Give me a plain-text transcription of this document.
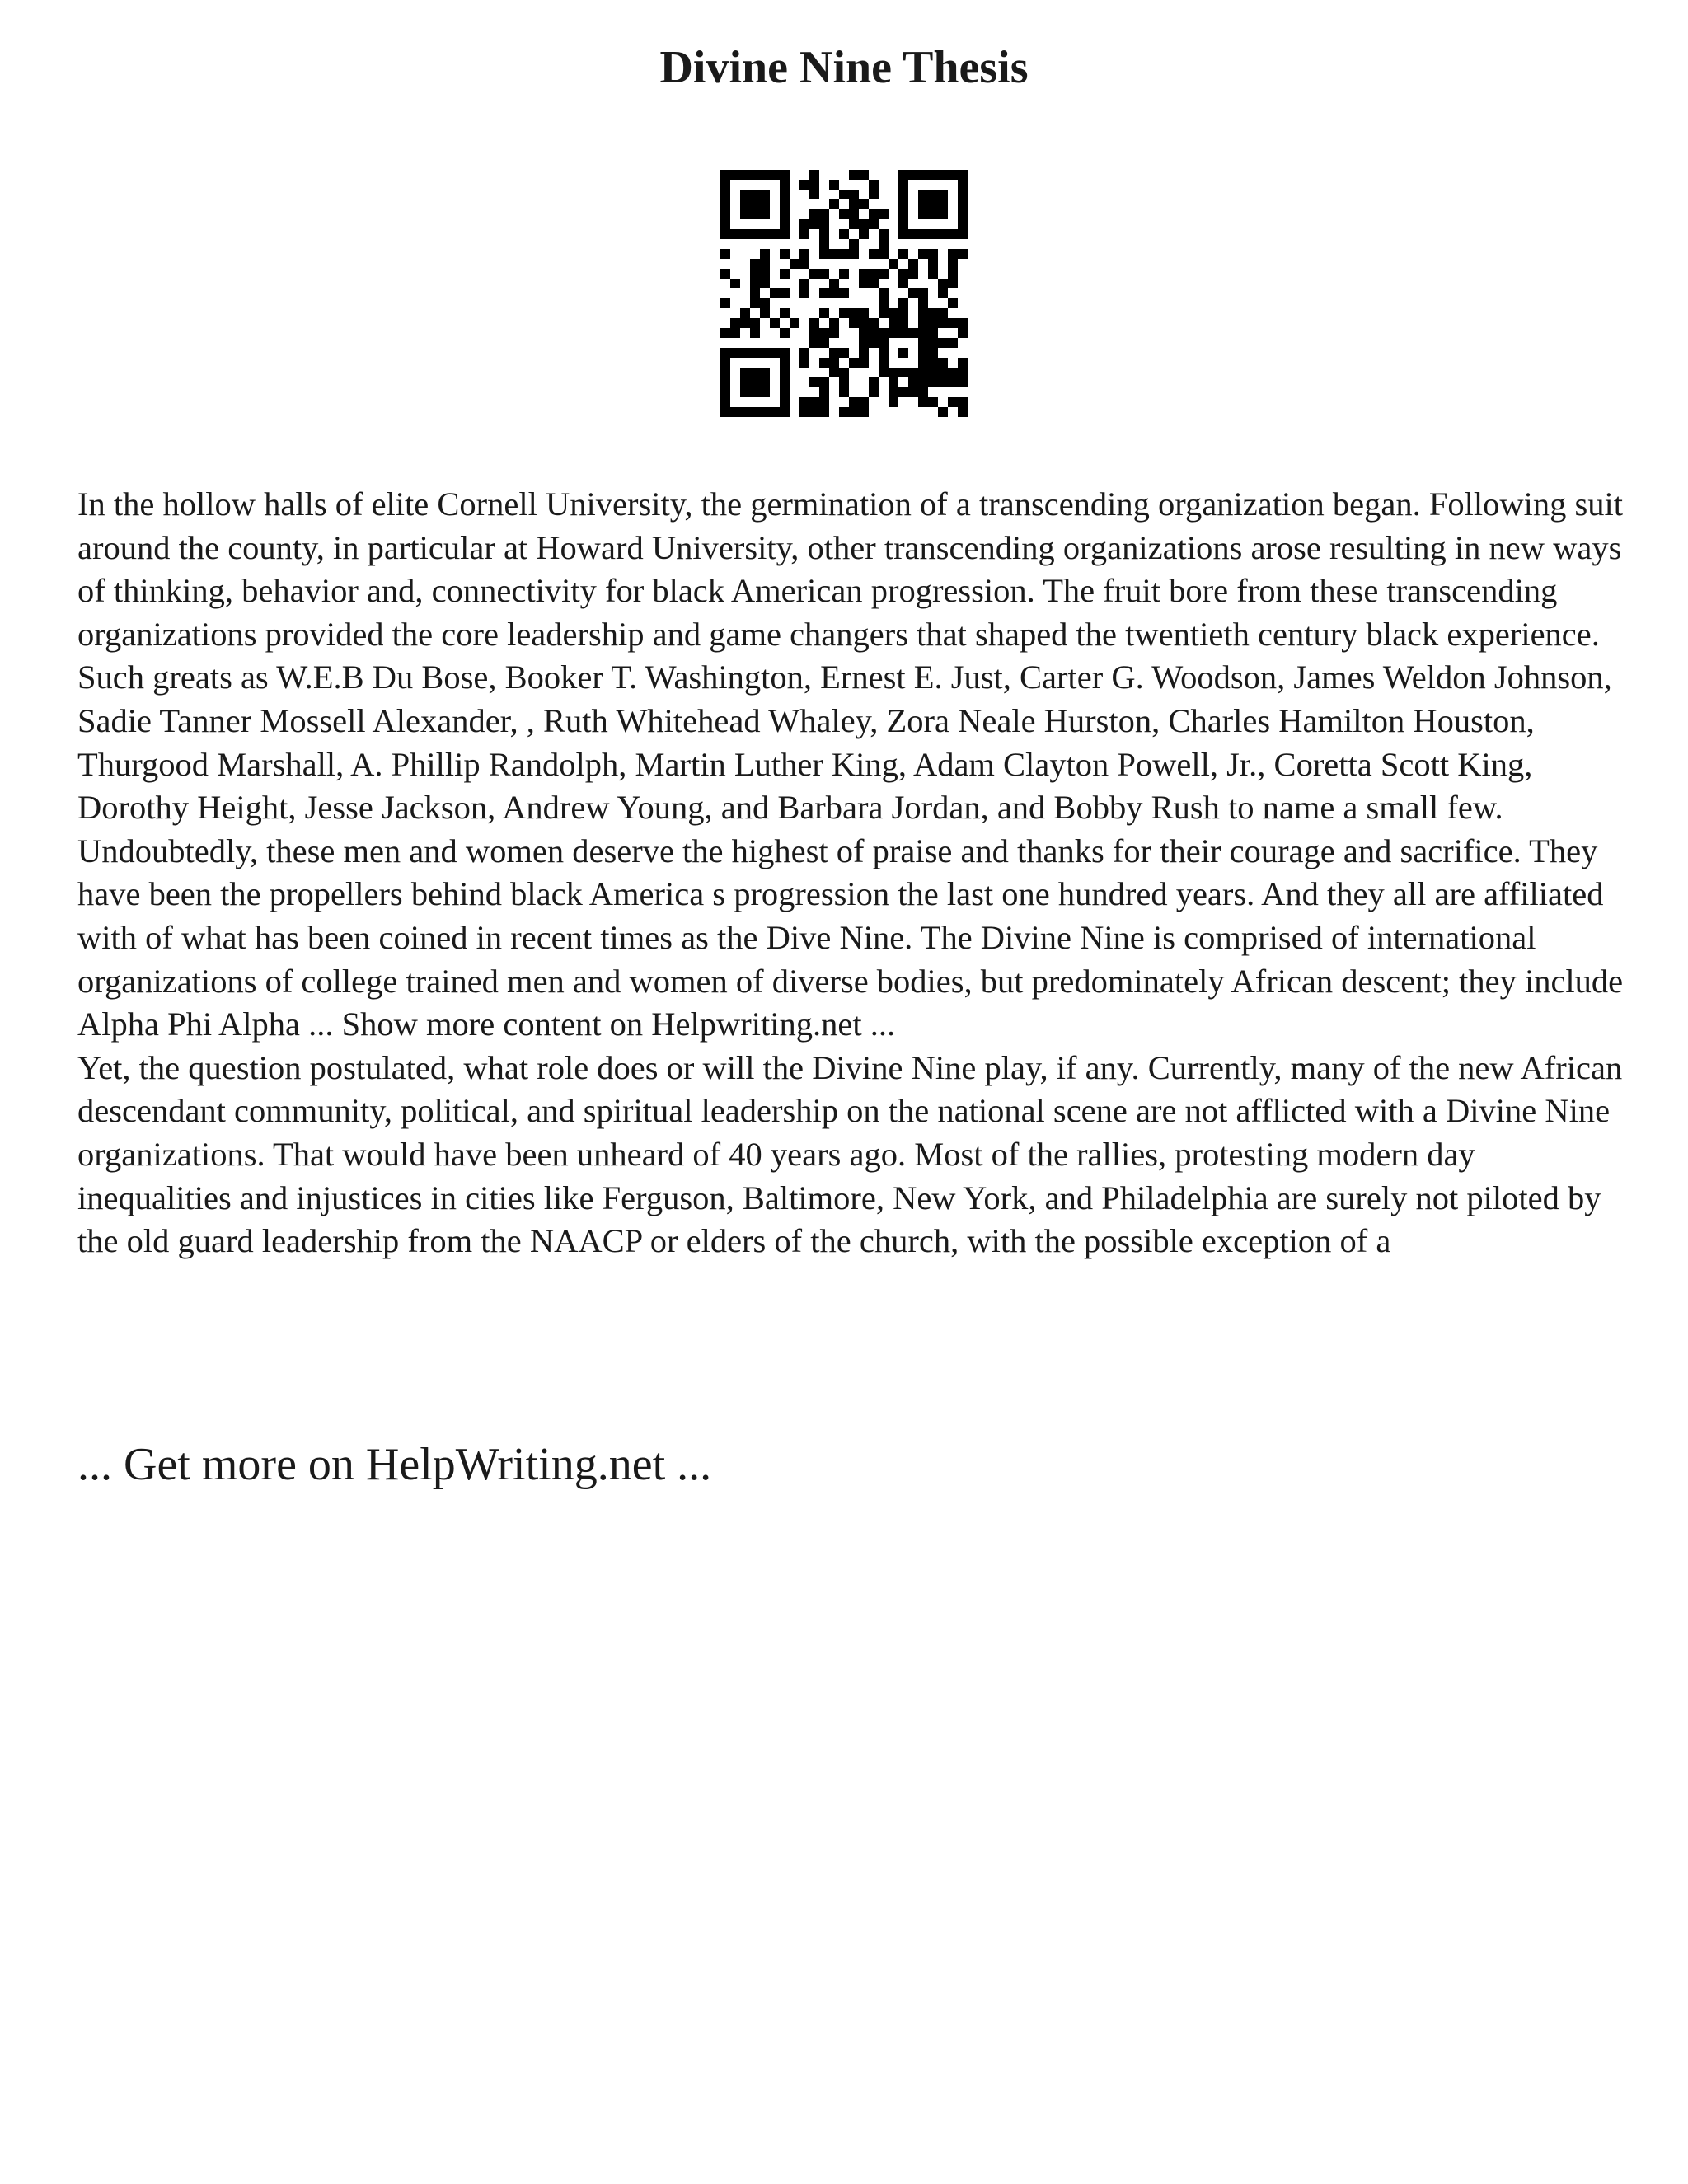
Divine Nine Thesis

In the hollow halls of elite Cornell University, the germination of a transcending organization began. Following suit around the county, in particular at Howard University, other transcending organizations arose resulting in new ways of thinking, behavior and, connectivity for black American progression. The fruit bore from these transcending organizations provided the core leadership and game changers that shaped the twentieth century black experience. Such greats as W.E.B Du Bose, Booker T. Washington, Ernest E. Just, Carter G. Woodson, James Weldon Johnson, Sadie Tanner Mossell Alexander, , Ruth Whitehead Whaley, Zora Neale Hurston, Charles Hamilton Houston, Thurgood Marshall, A. Phillip Randolph, Martin Luther King, Adam Clayton Powell, Jr., Coretta Scott King, Dorothy Height, Jesse Jackson, Andrew Young, and Barbara Jordan, and Bobby Rush to name a small few. Undoubtedly, these men and women deserve the highest of praise and thanks for their courage and sacrifice. They have been the propellers behind black America s progression the last one hundred years. And they all are affiliated with of what has been coined in recent times as the Dive Nine. The Divine Nine is comprised of international organizations of college trained men and women of diverse bodies, but predominately African descent; they include Alpha Phi Alpha ... Show more content on Helpwriting.net ...

Yet, the question postulated, what role does or will the Divine Nine play, if any. Currently, many of the new African descendant community, political, and spiritual leadership on the national scene are not afflicted with a Divine Nine organizations. That would have been unheard of 40 years ago. Most of the rallies, protesting modern day inequalities and injustices in cities like Ferguson, Baltimore, New York, and Philadelphia are surely not piloted by the old guard leadership from the NAACP or elders of the church, with the possible exception of a

... Get more on HelpWriting.net ...
